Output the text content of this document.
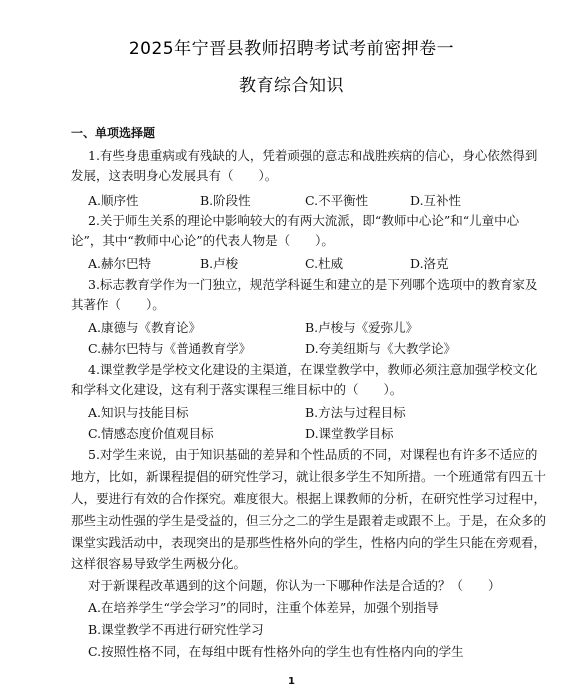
2025年宁晋县教师招聘考试考前密押卷一
教育综合知识
一、单项选择题
1.有些身患重病或有残缺的人，凭着顽强的意志和战胜疾病的信心，身心依然得到
发展，这表明身心发展具有（　　）。
A.顺序性	B.阶段性	C.不平衡性	D.互补性
2.关于师生关系的理论中影响较大的有两大流派，即“教师中心论”和“儿童中心
论”，其中“教师中心论”的代表人物是（　　）。
A.赫尔巴特	B.卢梭	C.杜威	D.洛克
3.标志教育学作为一门独立，规范学科诞生和建立的是下列哪个选项中的教育家及
其著作（　　）。
A.康德与《教育论》	B.卢梭与《爱弥儿》
C.赫尔巴特与《普通教育学》	D.夸美纽斯与《大教学论》
4.课堂教学是学校文化建设的主渠道，在课堂教学中，教师必须注意加强学校文化
和学科文化建设，这有利于落实课程三维目标中的（　　）。
A.知识与技能目标	B.方法与过程目标
C.情感态度价值观目标	D.课堂教学目标
5.对学生来说，由于知识基础的差异和个性品质的不同，对课程也有许多不适应的
地方，比如，新课程提倡的研究性学习，就让很多学生不知所措。一个班通常有四五十
人，要进行有效的合作探究。难度很大。根据上课教师的分析，在研究性学习过程中，
那些主动性强的学生是受益的，但三分之二的学生是跟着走或跟不上。于是，在众多的
课堂实践活动中，表现突出的是那些性格外向的学生，性格内向的学生只能在旁观看，
这样很容易导致学生两极分化。
对于新课程改革遇到的这个问题，你认为一下哪种作法是合适的？（　　）
A.在培养学生“学会学习”的同时，注重个体差异，加强个别指导
B.课堂教学不再进行研究性学习
C.按照性格不同，在每组中既有性格外向的学生也有性格内向的学生
1
